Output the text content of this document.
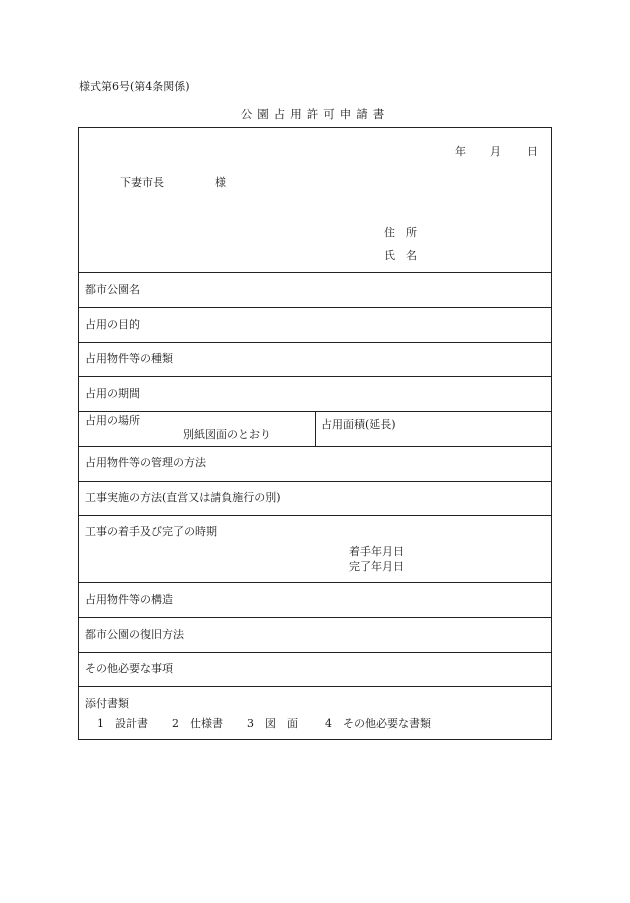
様式第6号(第4条関係)
公園占用許可申請書
年 月 日
下妻市長	様
住　所
氏　名
都市公園名
占用の目的
占用物件等の種類
占用の期間
占用の場所
別紙図面のとおり
占用面積(延長)
占用物件等の管理の方法
工事実施の方法(直営又は請負施行の別)
工事の着手及び完了の時期
着手年月日
完了年月日
占用物件等の構造
都市公園の復旧方法
その他必要な事項
添付書類
1　設計書 2　仕様書 3　図　面 4　その他必要な書類
